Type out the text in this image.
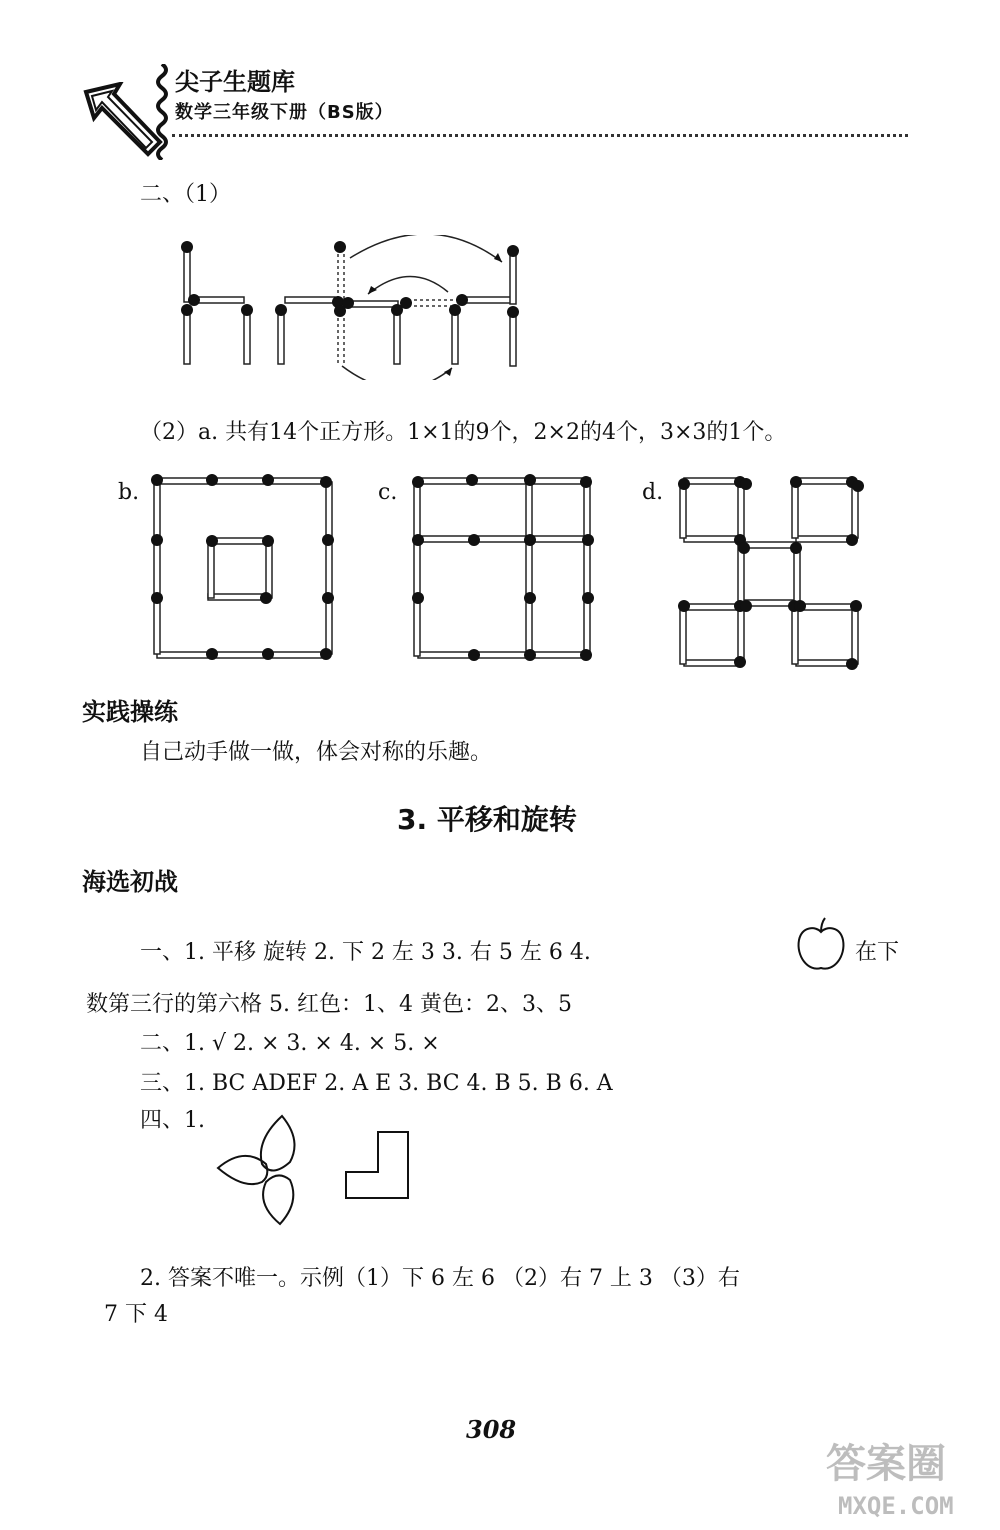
尖子生题库
数学三年级下册（BS版）
二、（1）
（2）a. 共有14个正方形。1×1的9个，2×2的4个，3×3的1个。
b.	c.	d.
实践操练
自己动手做一做，体会对称的乐趣。
3. 平移和旋转
海选初战
一、1. 平移 旋转 2. 下 2 左 3 3. 右 5 左 6 4.	在下
数第三行的第六格 5. 红色：1、4 黄色：2、3、5
二、1. √ 2. × 3. × 4. × 5. ×
三、1. BC ADEF 2. A E 3. BC 4. B 5. B 6. A
四、1.
2. 答案不唯一。示例（1）下 6 左 6 （2）右 7 上 3 （3）右
7 下 4
308
答案圈
MXQE.COM
